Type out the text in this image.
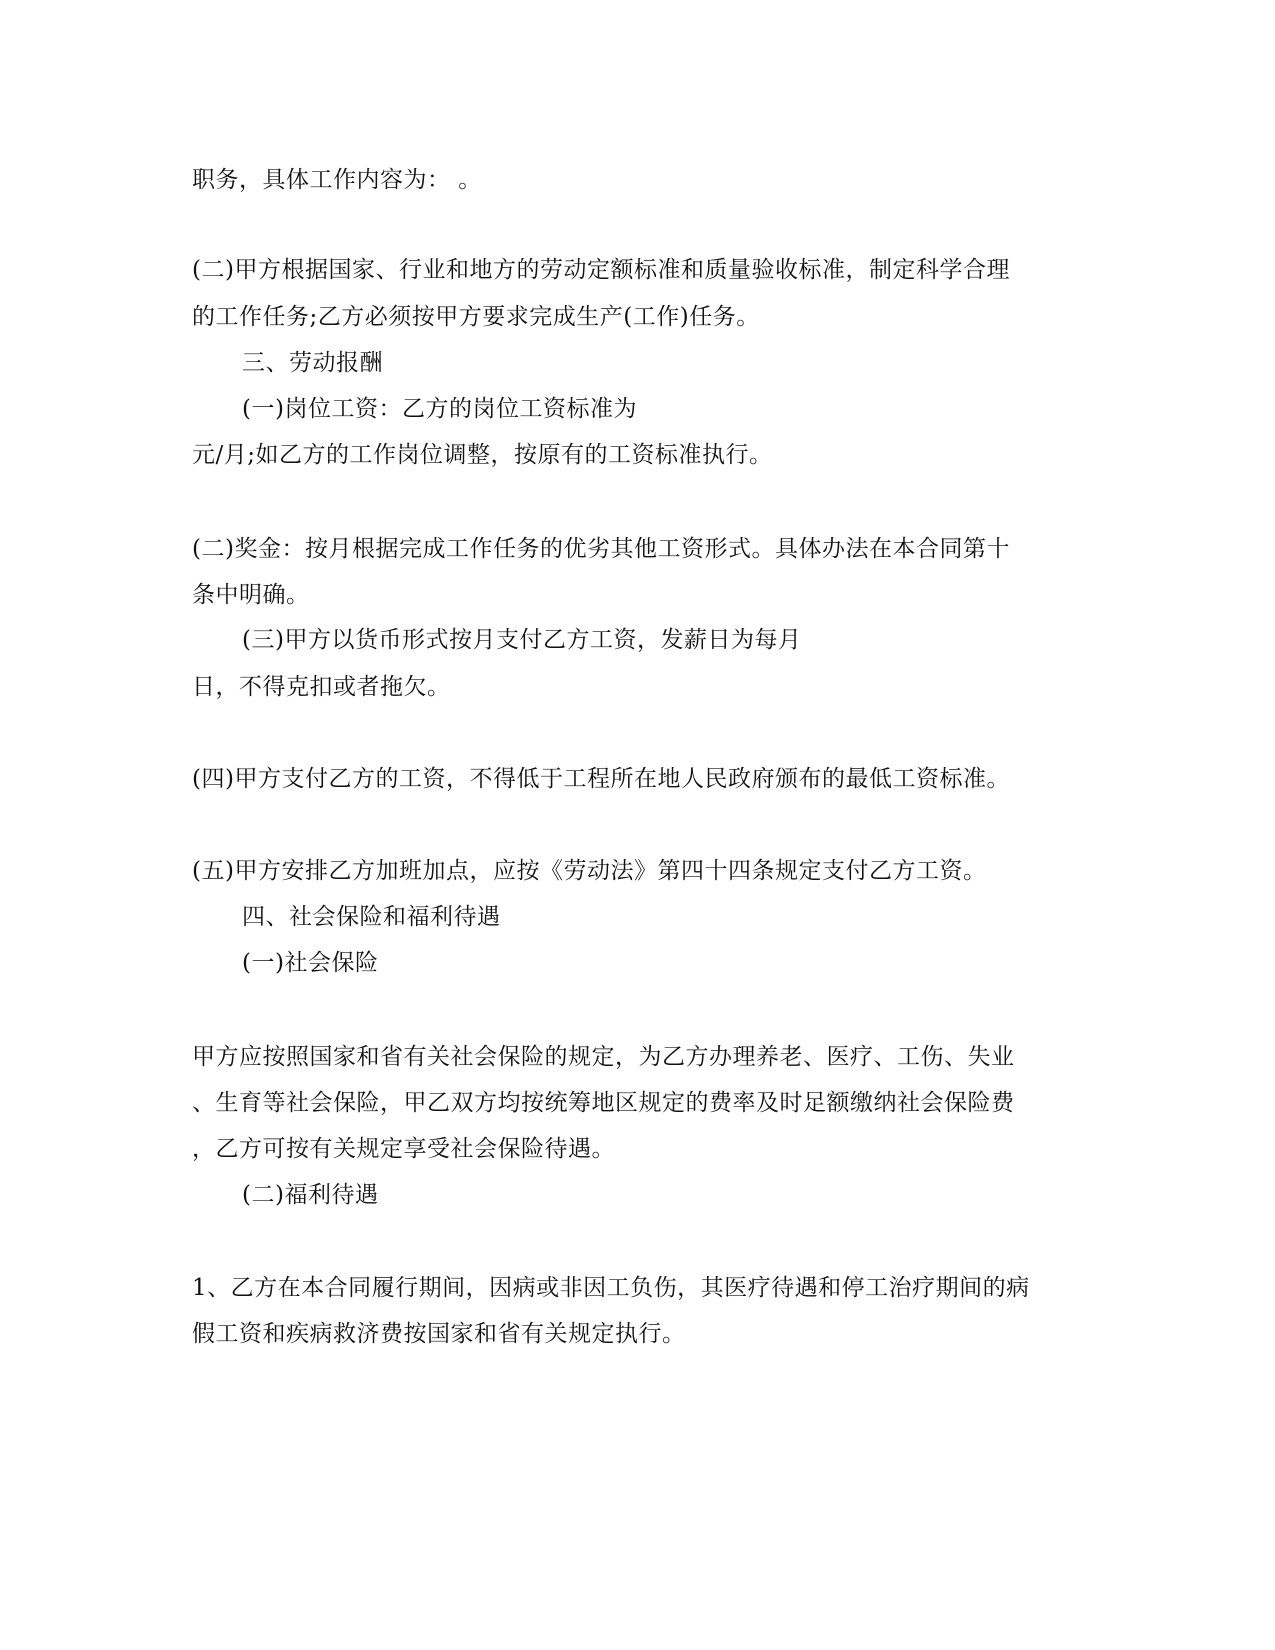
职务，具体工作内容为： 。
(二)甲方根据国家、行业和地方的劳动定额标准和质量验收标准，制定科学合理
的工作任务;乙方必须按甲方要求完成生产(工作)任务。
三、劳动报酬
(一)岗位工资：乙方的岗位工资标准为
元/月;如乙方的工作岗位调整，按原有的工资标准执行。
(二)奖金：按月根据完成工作任务的优劣其他工资形式。具体办法在本合同第十
条中明确。
(三)甲方以货币形式按月支付乙方工资，发薪日为每月
日，不得克扣或者拖欠。
(四)甲方支付乙方的工资，不得低于工程所在地人民政府颁布的最低工资标准。
(五)甲方安排乙方加班加点，应按《劳动法》第四十四条规定支付乙方工资。
四、社会保险和福利待遇
(一)社会保险
甲方应按照国家和省有关社会保险的规定，为乙方办理养老、医疗、工伤、失业
、生育等社会保险，甲乙双方均按统筹地区规定的费率及时足额缴纳社会保险费
，乙方可按有关规定享受社会保险待遇。
(二)福利待遇
1、乙方在本合同履行期间，因病或非因工负伤，其医疗待遇和停工治疗期间的病
假工资和疾病救济费按国家和省有关规定执行。
